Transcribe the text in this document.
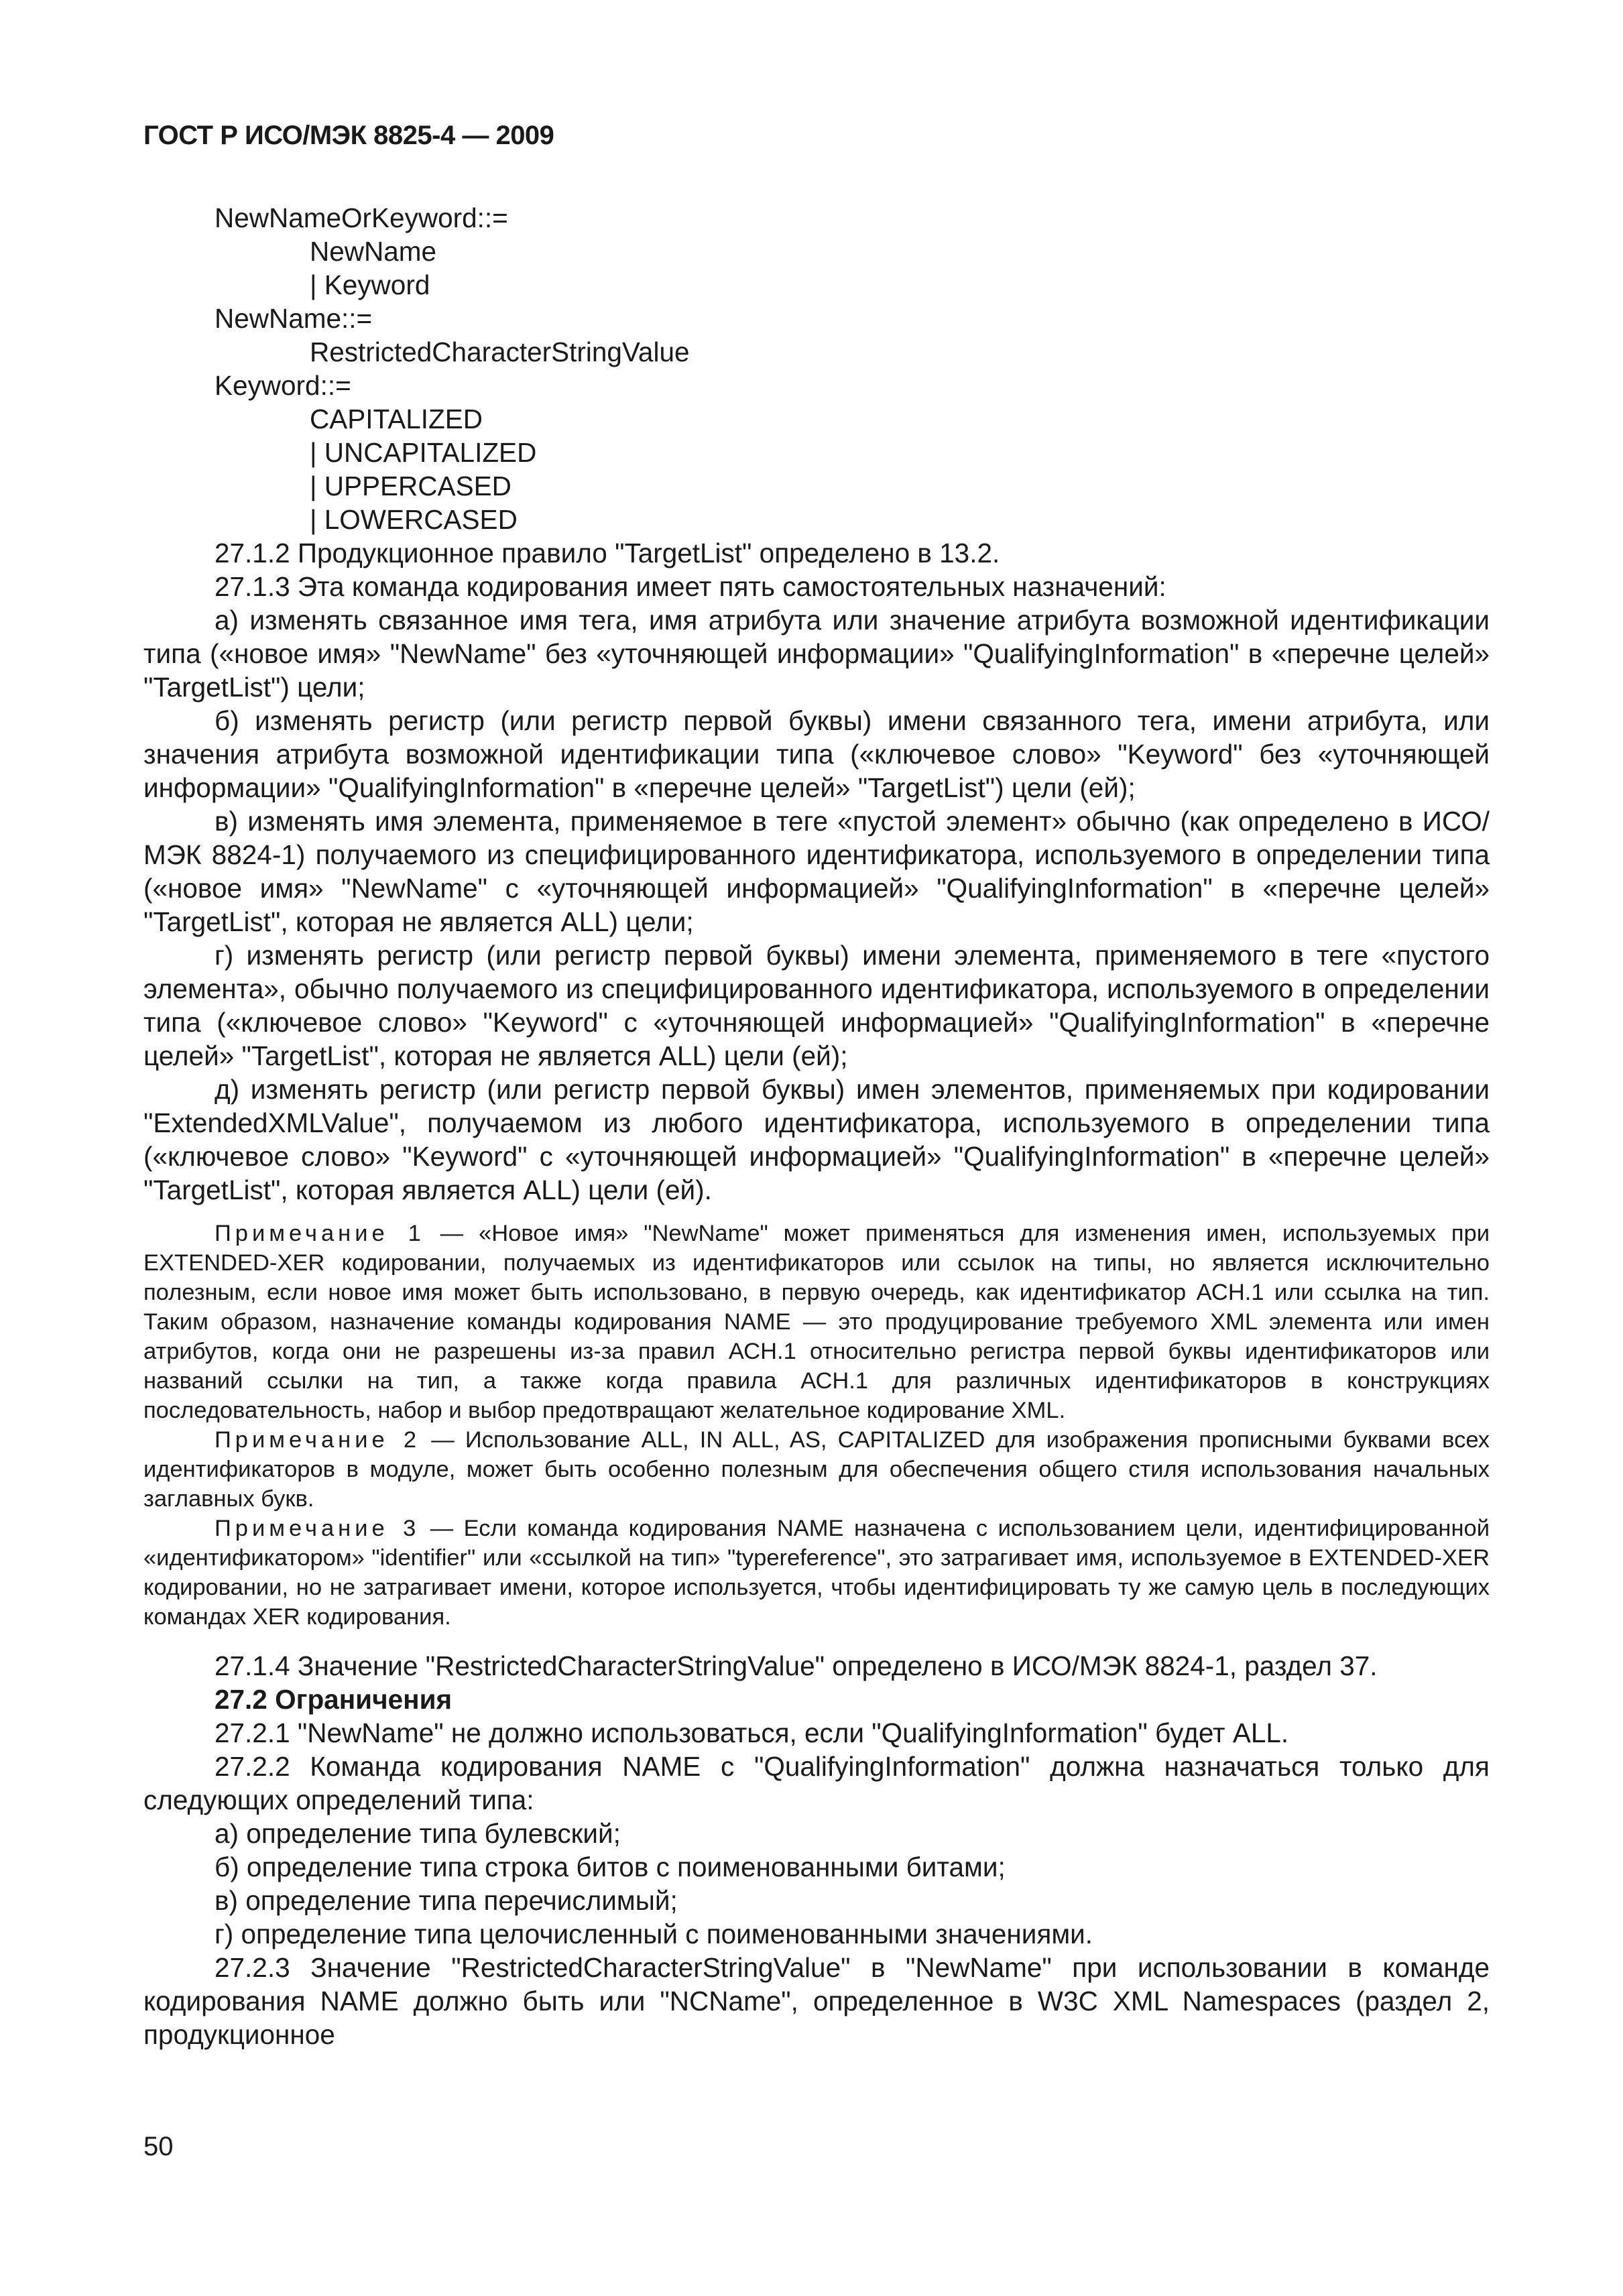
ГОСТ Р ИСО/МЭК 8825-4 — 2009
NewNameOrKeyword::=
NewName
| Keyword
NewName::=
RestrictedCharacterStringValue
Keyword::=
CAPITALIZED
| UNCAPITALIZED
| UPPERCASED
| LOWERCASED

27.1.2 Продукционное правило "TargetList" определено в 13.2.

27.1.3 Эта команда кодирования имеет пять самостоятельных назначений:

а) изменять связанное имя тега, имя атрибута или значение атрибута возможной идентификации типа («новое имя» "NewName" без «уточняющей информации» "QualifyingInformation" в «перечне целей» "TargetList") цели;

б) изменять регистр (или регистр первой буквы) имени связанного тега, имени атрибута, или значения атрибута возможной идентификации типа («ключевое слово» "Keyword" без «уточняющей информации» "QualifyingInformation" в «перечне целей» "TargetList") цели (ей);

в) изменять имя элемента, применяемое в теге «пустой элемент» обычно (как определено в ИСО/МЭК 8824-1) получаемого из специфицированного идентификатора, используемого в определении типа («новое имя» "NewName" с «уточняющей информацией» "QualifyingInformation" в «перечне целей» "TargetList", которая не является ALL) цели;

г) изменять регистр (или регистр первой буквы) имени элемента, применяемого в теге «пустого элемента», обычно получаемого из специфицированного идентификатора, используемого в определении типа («ключевое слово» "Keyword" с «уточняющей информацией» "QualifyingInformation" в «перечне целей» "TargetList", которая не является ALL) цели (ей);

д) изменять регистр (или регистр первой буквы) имен элементов, применяемых при кодировании "ExtendedXMLValue", получаемом из любого идентификатора, используемого в определении типа («ключевое слово» "Keyword" с «уточняющей информацией» "QualifyingInformation" в «перечне целей» "TargetList", которая является ALL) цели (ей).

Примечание 1 — «Новое имя» "NewName" может применяться для изменения имен, используемых при EXTENDED-XER кодировании, получаемых из идентификаторов или ссылок на типы, но является исключительно полезным, если новое имя может быть использовано, в первую очередь, как идентификатор АСН.1 или ссылка на тип. Таким образом, назначение команды кодирования NAME — это продуцирование требуемого XML элемента или имен атрибутов, когда они не разрешены из-за правил АСН.1 относительно регистра первой буквы идентификаторов или названий ссылки на тип, а также когда правила АСН.1 для различных идентификаторов в конструкциях последовательность, набор и выбор предотвращают желательное кодирование XML.

Примечание 2 — Использование ALL, IN ALL, AS, CAPITALIZED для изображения прописными буквами всех идентификаторов в модуле, может быть особенно полезным для обеспечения общего стиля использования начальных заглавных букв.

Примечание 3 — Если команда кодирования NAME назначена с использованием цели, идентифицированной «идентификатором» "identifier" или «ссылкой на тип» "typereference", это затрагивает имя, используемое в EXTENDED-XER кодировании, но не затрагивает имени, которое используется, чтобы идентифицировать ту же самую цель в последующих командах XER кодирования.

27.1.4 Значение "RestrictedCharacterStringValue" определено в ИСО/МЭК 8824-1, раздел 37.

27.2 Ограничения

27.2.1 "NewName" не должно использоваться, если "QualifyingInformation" будет ALL.

27.2.2 Команда кодирования NAME с "QualifyingInformation" должна назначаться только для следующих определений типа:

а) определение типа булевский;

б) определение типа строка битов с поименованными битами;

в) определение типа перечислимый;

г) определение типа целочисленный с поименованными значениями.

27.2.3 Значение "RestrictedCharacterStringValue" в "NewName" при использовании в команде кодирования NAME должно быть или "NCName", определенное в W3C XML Namespaces (раздел 2, продукционное

50
